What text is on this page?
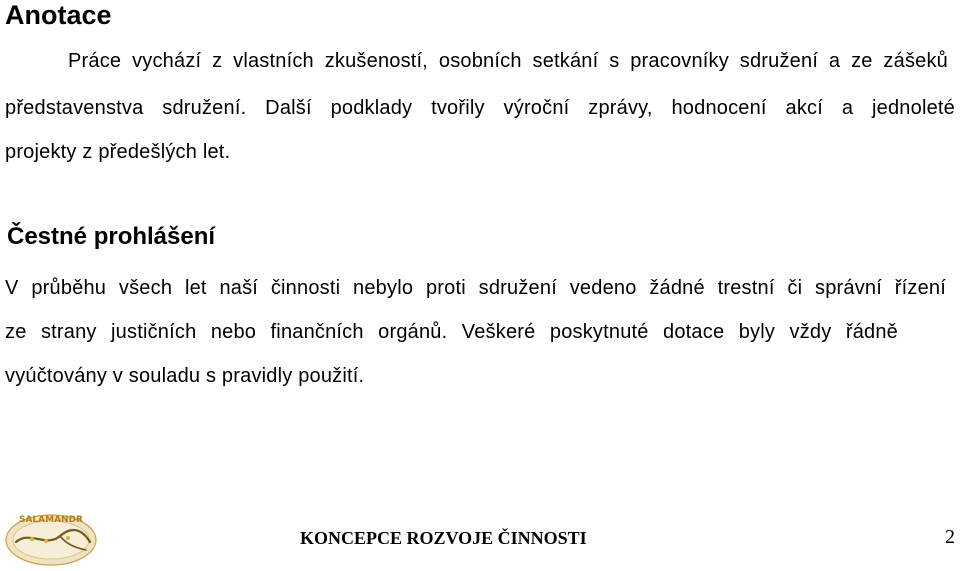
Anotace

Práce vychází z vlastních zkušeností, osobních setkání s pracovníky sdružení a ze zášeků

představenstva sdružení. Další podklady tvořily výroční zprávy, hodnocení akcí a jednoleté

projekty z předešlých let.

Čestné prohlášení

V průběhu všech let naší činnosti nebylo proti sdružení vedeno žádné trestní či správní řízení

ze strany justičních nebo finančních orgánů. Veškeré poskytnuté dotace byly vždy řádně

vyúčtovány v souladu s pravidly použití.

SALAMANDR

KONCEPCE ROZVOJE ČINNOSTI	2
